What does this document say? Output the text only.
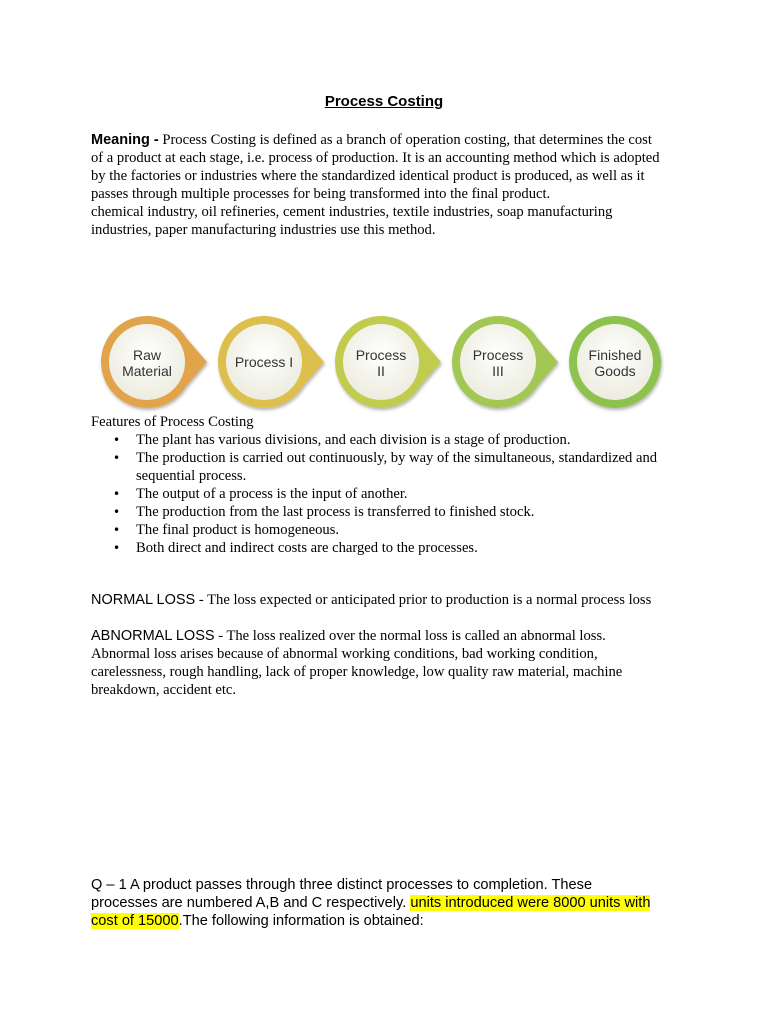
Process Costing
Meaning - Process Costing is defined as a branch of operation costing, that determines the cost
of a product at each stage, i.e. process of production. It is an accounting method which is adopted
by the factories or industries where the standardized identical product is produced, as well as it
passes through multiple processes for being transformed into the final product.
chemical industry, oil refineries, cement industries, textile industries, soap manufacturing
industries, paper manufacturing industries use this method.
Finished
Goods
Process
III
Process
II
Process I
Raw
Material
Features of Process Costing
• The plant has various divisions, and each division is a stage of production.
• The production is carried out continuously, by way of the simultaneous, standardized and sequential process.
• The output of a process is the input of another.
• The production from the last process is transferred to finished stock.
• The final product is homogeneous.
• Both direct and indirect costs are charged to the processes.
NORMAL LOSS - The loss expected or anticipated prior to production is a normal process loss
ABNORMAL LOSS - The loss realized over the normal loss is called an abnormal loss.
Abnormal loss arises because of abnormal working conditions, bad working condition,
carelessness, rough handling, lack of proper knowledge, low quality raw material, machine
breakdown, accident etc.
Q – 1 A product passes through three distinct processes to completion. These
processes are numbered A,B and C respectively. units introduced were 8000 units with
cost of 15000.The following information is obtained:
